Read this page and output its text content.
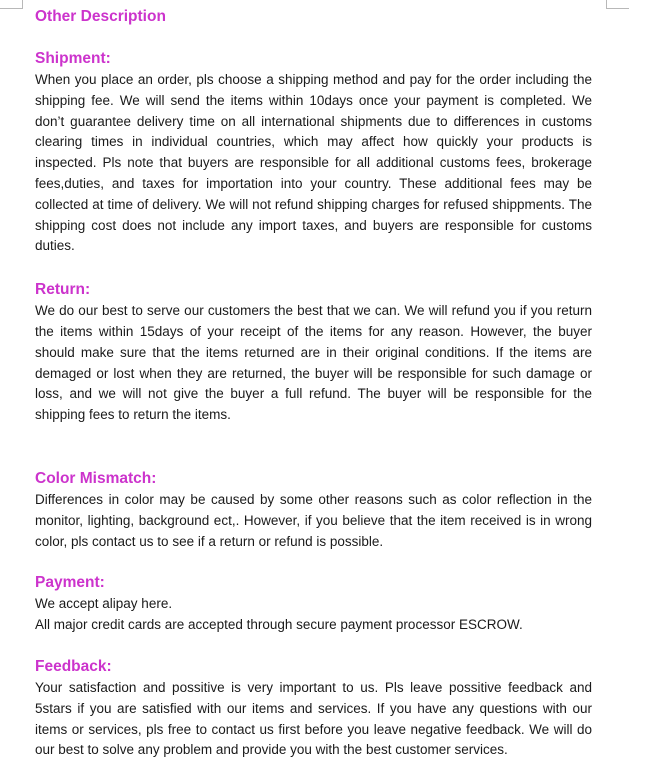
Other Description
Shipment:

When you place an order, pls choose a shipping method and pay for the order including the shipping fee. We will send the items within 10days once your payment is completed. We don’t guarantee delivery time on all international shipments due to differences in customs clearing times in individual countries, which may affect how quickly your products is inspected. Pls note that buyers are responsible for all additional customs fees, brokerage fees,duties, and taxes for importation into your country. These additional fees may be collected at time of delivery. We will not refund shipping charges for refused shippments. The shipping cost does not include any import taxes, and buyers are responsible for customs duties.

Return:

We do our best to serve our customers the best that we can. We will refund you if you return the items within 15days of your receipt of the items for any reason. However, the buyer should make sure that the items returned are in their original conditions. If the items are demaged or lost when they are returned, the buyer will be responsible for such damage or loss, and we will not give the buyer a full refund. The buyer will be responsible for the shipping fees to return the items.

Color Mismatch:

Differences in color may be caused by some other reasons such as color reflection in the monitor, lighting, background ect,. However, if you believe that the item received is in wrong color, pls contact us to see if a return or refund is possible.

Payment:

We accept alipay here.

All major credit cards are accepted through secure payment processor ESCROW.

Feedback:

Your satisfaction and possitive is very important to us. Pls leave possitive feedback and 5stars if you are satisfied with our items and services. If you have any questions with our items or services, pls free to contact us first before you leave negative feedback. We will do our best to solve any problem and provide you with the best customer services.
